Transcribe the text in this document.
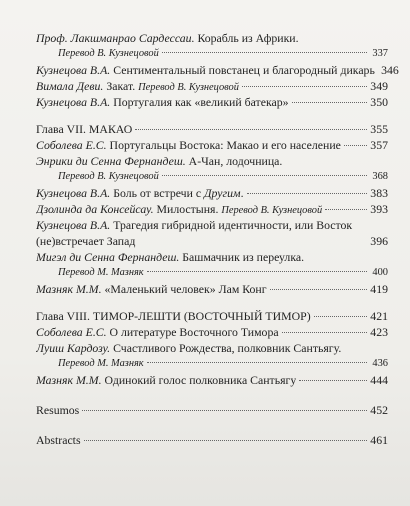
Проф. Лакшманрао Сардессаи. Корабль из Африки.
Перевод В. Кузнецовой	337
Кузнецова В.А. Сентиментальный повстанец и благородный дикарь 346
Вимала Деви. Закат. Перевод В. Кузнецовой	349
Кузнецова В.А. Португалия как «великий батекар»	350
Глава VII. МАКАО	355
Соболева Е.С. Португальцы Востока: Макао и его население 357
Энрики ди Сенна Фернандеш. А-Чан, лодочница.
Перевод В. Кузнецовой	368
Кузнецова В.А. Боль от встречи с Другим.	383
Дзолинда да Консейсау. Милостыня. Перевод В. Кузнецовой	393
Кузнецова В.А. Трагедия гибридной идентичности, или Восток (не)встречает Запад	396
Мигэл ди Сенна Фернандеш. Башмачник из переулка.
Перевод М. Мазняк	400
Мазняк М.М. «Маленький человек» Лам Конг	419
Глава VIII. ТИМОР-ЛЕШТИ (ВОСТОЧНЫЙ ТИМОР)	421
Соболева Е.С. О литературе Восточного Тимора	423
Луиш Кардозу. Счастливого Рождества, полковник Сантьягу.
Перевод М. Мазняк	436
Мазняк М.М. Одинокий голос полковника Сантьягу	444
Resumos	452
Abstracts	461
